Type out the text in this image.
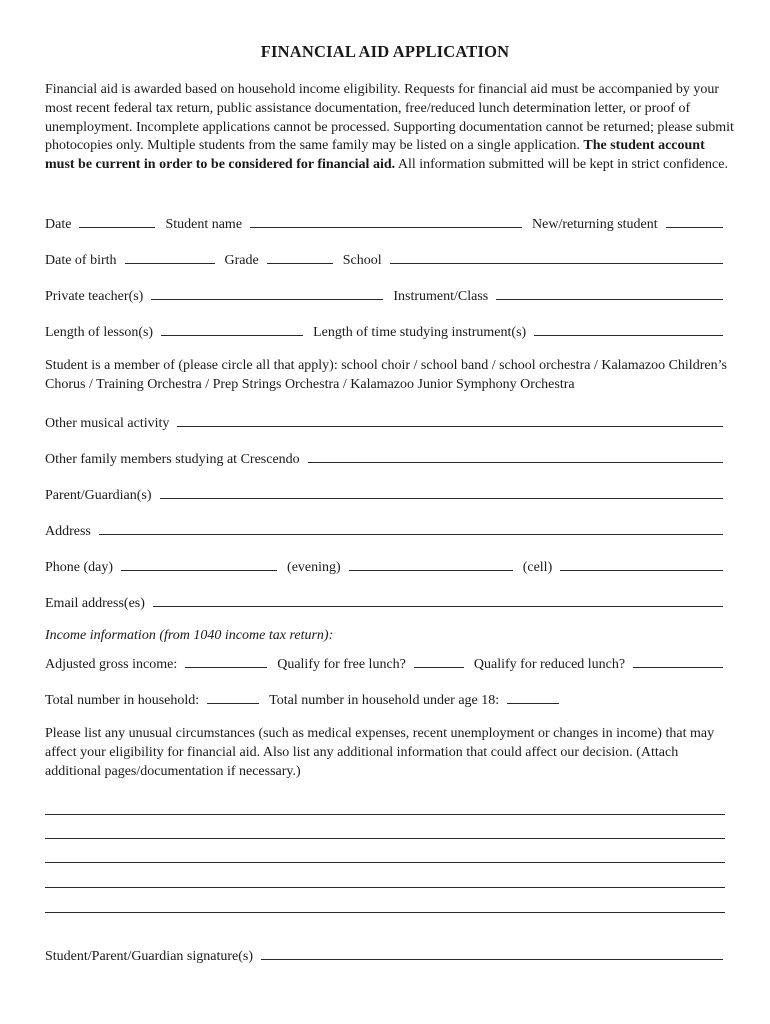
FINANCIAL AID APPLICATION
Financial aid is awarded based on household income eligibility. Requests for financial aid must be accompanied by your most recent federal tax return, public assistance documentation, free/reduced lunch determination letter, or proof of unemployment. Incomplete applications cannot be processed. Supporting documentation cannot be returned; please submit photocopies only. Multiple students from the same family may be listed on a single application. The student account must be current in order to be considered for financial aid. All information submitted will be kept in strict confidence.
Date	Student name	New/returning student
Date of birth	Grade	School
Private teacher(s)	Instrument/Class
Length of lesson(s)	Length of time studying instrument(s)
Student is a member of (please circle all that apply): school choir / school band / school orchestra / Kalamazoo Children’s Chorus / Training Orchestra / Prep Strings Orchestra / Kalamazoo Junior Symphony Orchestra
Other musical activity
Other family members studying at Crescendo
Parent/Guardian(s)
Address
Phone (day)	(evening)	(cell)
Email address(es)
Income information (from 1040 income tax return):
Adjusted gross income:	Qualify for free lunch?	Qualify for reduced lunch?
Total number in household:	Total number in household under age 18:
Please list any unusual circumstances (such as medical expenses, recent unemployment or changes in income) that may affect your eligibility for financial aid. Also list any additional information that could affect our decision. (Attach additional pages/documentation if necessary.)
Student/Parent/Guardian signature(s)
